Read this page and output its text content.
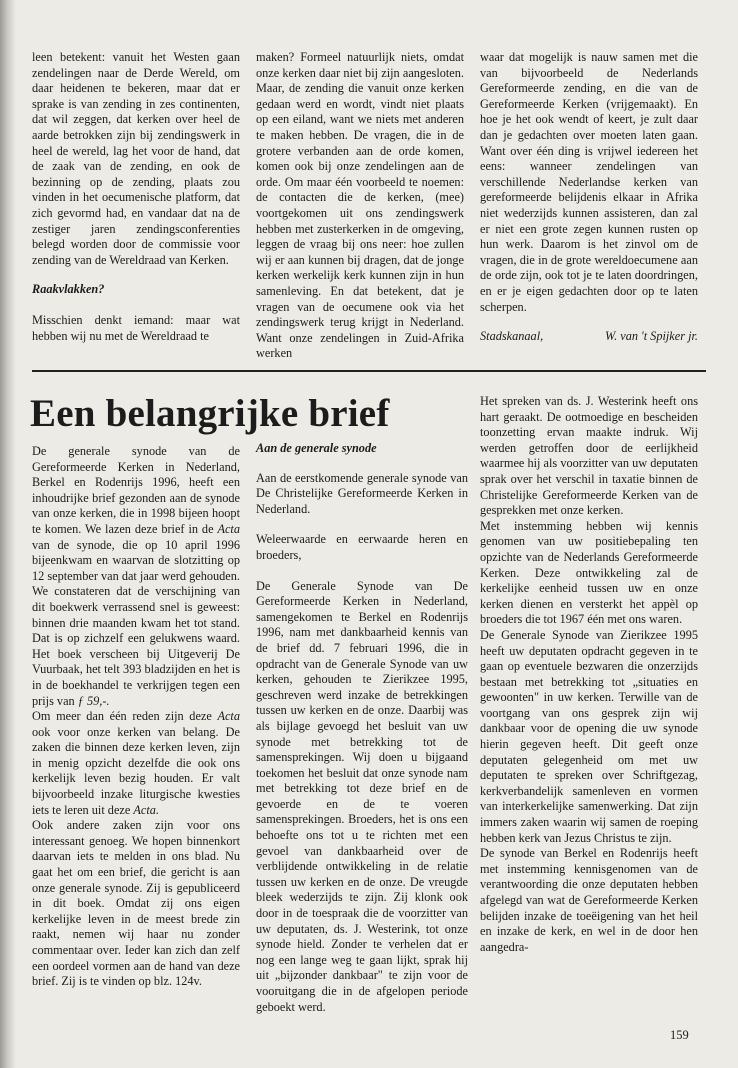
leen betekent: vanuit het Westen gaan zendelingen naar de Derde Wereld, om daar heidenen te bekeren, maar dat er sprake is van zending in zes continenten, dat wil zeggen, dat kerken over heel de aarde betrokken zijn bij zendingswerk in heel de wereld, lag het voor de hand, dat de zaak van de zending, en ook de bezinning op de zending, plaats zou vinden in het oecumenische platform, dat zich gevormd had, en vandaar dat na de zestiger jaren zendingsconferenties belegd worden door de commissie voor zending van de Wereldraad van Kerken.

Raakvlakken?

Misschien denkt iemand: maar wat hebben wij nu met de Wereldraad te

maken? Formeel natuurlijk niets, omdat onze kerken daar niet bij zijn aangesloten. Maar, de zending die vanuit onze kerken gedaan werd en wordt, vindt niet plaats op een eiland, want we niets met anderen te maken hebben. De vragen, die in de grotere verbanden aan de orde komen, komen ook bij onze zendelingen aan de orde. Om maar één voorbeeld te noemen: de contacten die de kerken, (mee) voortgekomen uit ons zendingswerk hebben met zusterkerken in de omgeving, leggen de vraag bij ons neer: hoe zullen wij er aan kunnen bij dragen, dat de jonge kerken werkelijk kerk kunnen zijn in hun samenleving. En dat betekent, dat je vragen van de oecumene ook via het zendingswerk terug krijgt in Nederland. Want onze zendelingen in Zuid-Afrika werken

waar dat mogelijk is nauw samen met die van bijvoorbeeld de Nederlands Gereformeerde zending, en die van de Gereformeerde Kerken (vrijgemaakt). En hoe je het ook wendt of keert, je zult daar dan je gedachten over moeten laten gaan. Want over één ding is vrijwel iedereen het eens: wanneer zendelingen van verschillende Nederlandse kerken van gereformeerde belijdenis elkaar in Afrika niet wederzijds kunnen assisteren, dan zal er niet een grote zegen kunnen rusten op hun werk. Daarom is het zinvol om de vragen, die in de grote wereldoecumene aan de orde zijn, ook tot je te laten doordringen, en er je eigen gedachten door op te laten scherpen.

Stadskanaal,	W. van 't Spijker jr.
Een belangrijke brief

De generale synode van de Gereformeerde Kerken in Nederland, Berkel en Rodenrijs 1996, heeft een inhoudrijke brief gezonden aan de synode van onze kerken, die in 1998 bijeen hoopt te komen. We lazen deze brief in de Acta van de synode, die op 10 april 1996 bijeenkwam en waarvan de slotzitting op 12 september van dat jaar werd gehouden. We constateren dat de verschijning van dit boekwerk verrassend snel is geweest: binnen drie maanden kwam het tot stand. Dat is op zichzelf een gelukwens waard. Het boek verscheen bij Uitgeverij De Vuurbaak, het telt 393 bladzijden en het is in de boekhandel te verkrijgen tegen een prijs van ƒ 59,-.

Om meer dan één reden zijn deze Acta ook voor onze kerken van belang. De zaken die binnen deze kerken leven, zijn in menig opzicht dezelfde die ook ons kerkelijk leven bezig houden. Er valt bijvoorbeeld inzake liturgische kwesties iets te leren uit deze Acta.

Ook andere zaken zijn voor ons interessant genoeg. We hopen binnenkort daarvan iets te melden in ons blad. Nu gaat het om een brief, die gericht is aan onze generale synode. Zij is gepubliceerd in dit boek. Omdat zij ons eigen kerkelijke leven in de meest brede zin raakt, nemen wij haar nu zonder commentaar over. Ieder kan zich dan zelf een oordeel vormen aan de hand van deze brief. Zij is te vinden op blz. 124v.

Aan de generale synode

Aan de eerstkomende generale synode van De Christelijke Gereformeerde Kerken in Nederland.

Weleerwaarde en eerwaarde heren en broeders,

De Generale Synode van De Gereformeerde Kerken in Nederland, samengekomen te Berkel en Rodenrijs 1996, nam met dankbaarheid kennis van de brief dd. 7 februari 1996, die in opdracht van de Generale Synode van uw kerken, gehouden te Zierikzee 1995, geschreven werd inzake de betrekkingen tussen uw kerken en de onze. Daarbij was als bijlage gevoegd het besluit van uw synode met betrekking tot de samensprekingen. Wij doen u bijgaand toekomen het besluit dat onze synode nam met betrekking tot deze brief en de gevoerde en de te voeren samensprekingen. Broeders, het is ons een behoefte ons tot u te richten met een gevoel van dankbaarheid over de verblijdende ontwikkeling in de relatie tussen uw kerken en de onze. De vreugde bleek wederzijds te zijn. Zij klonk ook door in de toespraak die de voorzitter van uw deputaten, ds. J. Westerink, tot onze synode hield. Zonder te verhelen dat er nog een lange weg te gaan lijkt, sprak hij uit „bijzonder dankbaar" te zijn voor de vooruitgang die in de afgelopen periode geboekt werd.

Het spreken van ds. J. Westerink heeft ons hart geraakt. De ootmoedige en bescheiden toonzetting ervan maakte indruk. Wij werden getroffen door de eerlijkheid waarmee hij als voorzitter van uw deputaten sprak over het verschil in taxatie binnen de Christelijke Gereformeerde Kerken van de gesprekken met onze kerken.

Met instemming hebben wij kennis genomen van uw positiebepaling ten opzichte van de Nederlands Gereformeerde Kerken. Deze ontwikkeling zal de kerkelijke eenheid tussen uw en onze kerken dienen en versterkt het appèl op broeders die tot 1967 één met ons waren.

De Generale Synode van Zierikzee 1995 heeft uw deputaten opdracht gegeven in te gaan op eventuele bezwaren die onzerzijds bestaan met betrekking tot „situaties en gewoonten" in uw kerken. Terwille van de voortgang van ons gesprek zijn wij dankbaar voor de opening die uw synode hierin gegeven heeft. Dit geeft onze deputaten gelegenheid om met uw deputaten te spreken over Schriftgezag, kerkverbandelijk samenleven en vormen van interkerkelijke samenwerking. Dat zijn immers zaken waarin wij samen de roeping hebben kerk van Jezus Christus te zijn.

De synode van Berkel en Rodenrijs heeft met instemming kennisgenomen van de verantwoording die onze deputaten hebben afgelegd van wat de Gereformeerde Kerken belijden inzake de toeëigening van het heil en inzake de kerk, en wel in de door hen aangedra-

159
